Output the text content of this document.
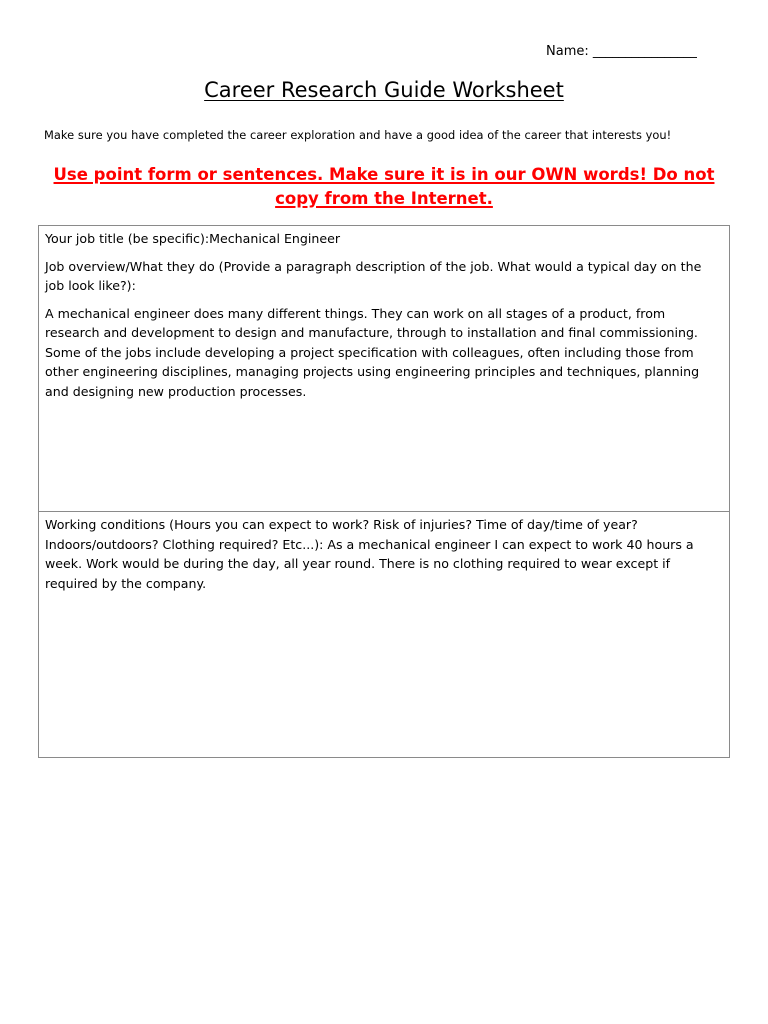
Name: ________________
Career Research Guide Worksheet
Make sure you have completed the career exploration and have a good idea of the career that interests you!
Use point form or sentences. Make sure it is in our OWN words! Do not copy from the Internet.

Your job title (be specific):Mechanical Engineer

Job overview/What they do (Provide a paragraph description of the job. What would a typical day on the job look like?):

A mechanical engineer does many different things. They can work on all stages of a product, from research and development to design and manufacture, through to installation and final commissioning. Some of the jobs include developing a project specification with colleagues, often including those from other engineering disciplines, managing projects using engineering principles and techniques, planning and designing new production processes.

Working conditions (Hours you can expect to work? Risk of injuries? Time of day/time of year? Indoors/outdoors? Clothing required? Etc...): As a mechanical engineer I can expect to work 40 hours a week. Work would be during the day, all year round. There is no clothing required to wear except if required by the company.
